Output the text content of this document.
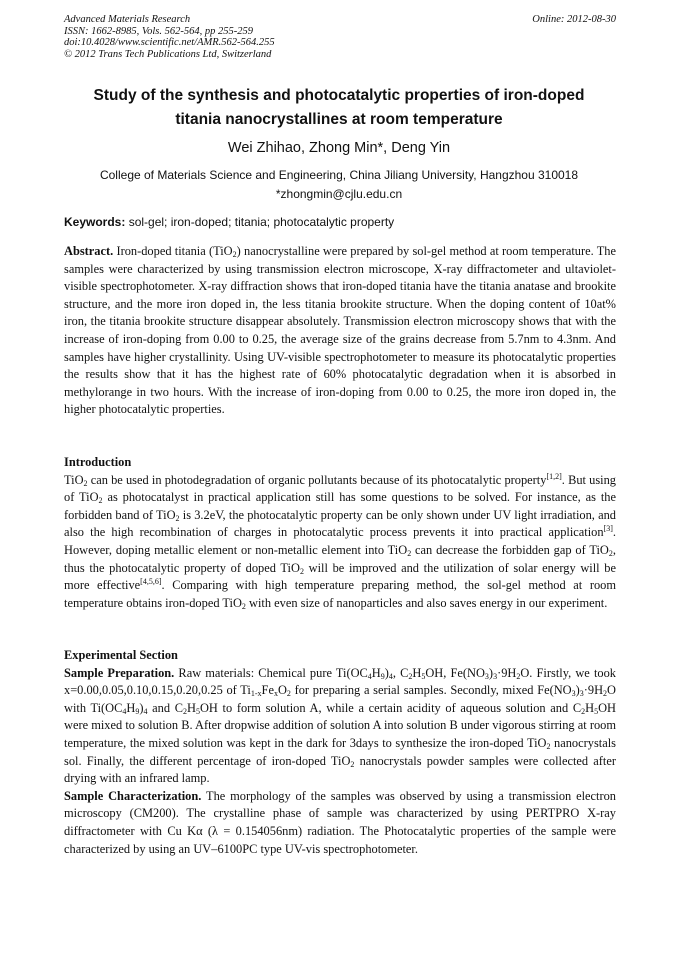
Advanced Materials Research
ISSN: 1662-8985, Vols. 562-564, pp 255-259
doi:10.4028/www.scientific.net/AMR.562-564.255
© 2012 Trans Tech Publications Ltd, Switzerland
Online: 2012-08-30
Study of the synthesis and photocatalytic properties of iron-doped
titania nanocrystallines at room temperature
Wei Zhihao, Zhong Min*, Deng Yin
College of Materials Science and Engineering, China Jiliang University, Hangzhou 310018
*zhongmin@cjlu.edu.cn
Keywords: sol-gel; iron-doped; titania; photocatalytic property

Abstract. Iron-doped titania (TiO$_2$) nanocrystalline were prepared by sol-gel method at room temperature. The samples were characterized by using transmission electron microscope, X-ray diffractometer and ultaviolet-visible spectrophotometer. X-ray diffraction shows that iron-doped titania have the titania anatase and brookite structure, and the more iron doped in, the less titania brookite structure. When the doping content of 10at% iron, the titania brookite structure disappear absolutely. Transmission electron microscopy shows that with the increase of iron-doping from 0.00 to 0.25, the average size of the grains decrease from 5.7nm to 4.3nm. And samples have higher crystallinity. Using UV-visible spectrophotometer to measure its photocatalytic properties the results show that it has the highest rate of 60% photocatalytic degradation when it is absorbed in methylorange in two hours. With the increase of iron-doping from 0.00 to 0.25, the more iron doped in, the higher photocatalytic properties.

Introduction

TiO$_2$ can be used in photodegradation of organic pollutants because of its photocatalytic property[1,2]. But using of TiO$_2$ as photocatalyst in practical application still has some questions to be solved. For instance, as the forbidden band of TiO$_2$ is 3.2eV, the photocatalytic property can be only shown under UV light irradiation, and also the high recombination of charges in photocatalytic process prevents it into practical application[3]. However, doping metallic element or non-metallic element into TiO$_2$ can decrease the forbidden gap of TiO$_2$, thus the photocatalytic property of doped TiO$_2$ will be improved and the utilization of solar energy will be more effective[4,5,6]. Comparing with high temperature preparing method, the sol-gel method at room temperature obtains iron-doped TiO$_2$ with even size of nanoparticles and also saves energy in our experiment.

Experimental Section

Sample Preparation. Raw materials: Chemical pure $Ti(OC_4H_9)_4$, $C_2H_5OH$, $Fe(NO_3)_3\cdot 9H_2O$. Firstly, we took x=0.00,0.05,0.10,0.15,0.20,0.25 of $Ti_{1-x}Fe_xO_2$ for preparing a serial samples. Secondly, mixed $Fe(NO_3)_3\cdot 9H_2O$ with $Ti(OC_4H_9)_4$ and $C_2H_5OH$ to form solution A, while a certain acidity of aqueous solution and $C_2H_5OH$ were mixed to solution B. After dropwise addition of solution A into solution B under vigorous stirring at room temperature, the mixed solution was kept in the dark for 3days to synthesize the iron-doped TiO$_2$ nanocrystals sol. Finally, the different percentage of iron-doped TiO$_2$ nanocrystals powder samples were collected after drying with an infrared lamp.

Sample Characterization. The morphology of the samples was observed by using a transmission electron microscopy (CM200). The crystalline phase of sample was characterized by using PERTPRO X-ray diffractometer with Cu Kα (λ = 0.154056nm) radiation. The Photocatalytic properties of the sample were characterized by using an UV–6100PC type UV-vis spectrophotometer.
